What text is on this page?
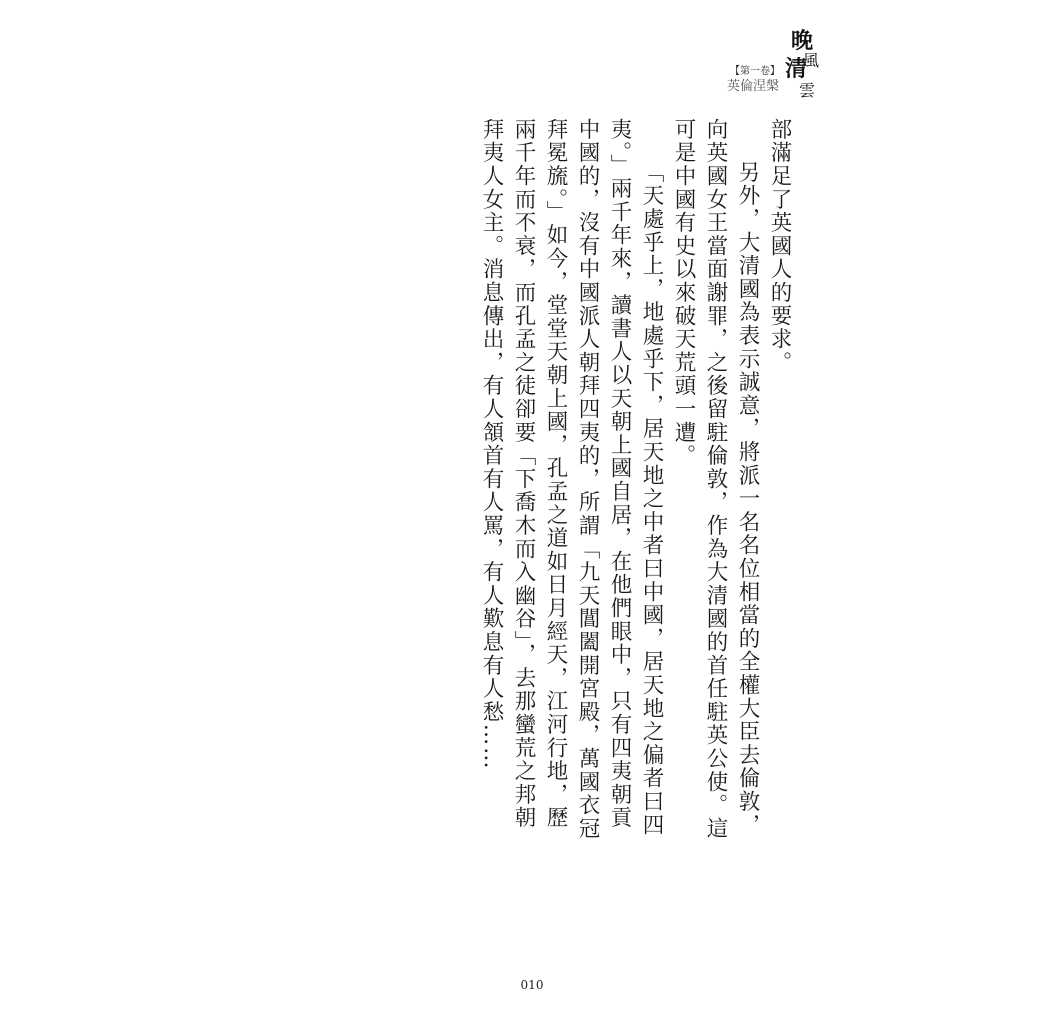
晚
風
清
雲
【第一卷】
英倫涅槃

部滿足了英國人的要求。

另外，大清國為表示誠意，將派一名名位相當的全權大臣去倫敦，向英國女王當面謝罪，之後留駐倫敦，作為大清國的首任駐英公使。這可是中國有史以來破天荒頭一遭。

「天處乎上，地處乎下，居天地之中者曰中國，居天地之偏者曰四夷。」兩千年來，讀書人以天朝上國自居，在他們眼中，只有四夷朝貢中國的，沒有中國派人朝拜四夷的，所謂「九天閶闔開宮殿，萬國衣冠拜冕旒。」如今，堂堂天朝上國，孔孟之道如日月經天，江河行地，歷兩千年而不衰，而孔孟之徒卻要「下喬木而入幽谷」，去那蠻荒之邦朝拜夷人女主。消息傳出，有人頷首有人罵，有人歎息有人愁……

010
